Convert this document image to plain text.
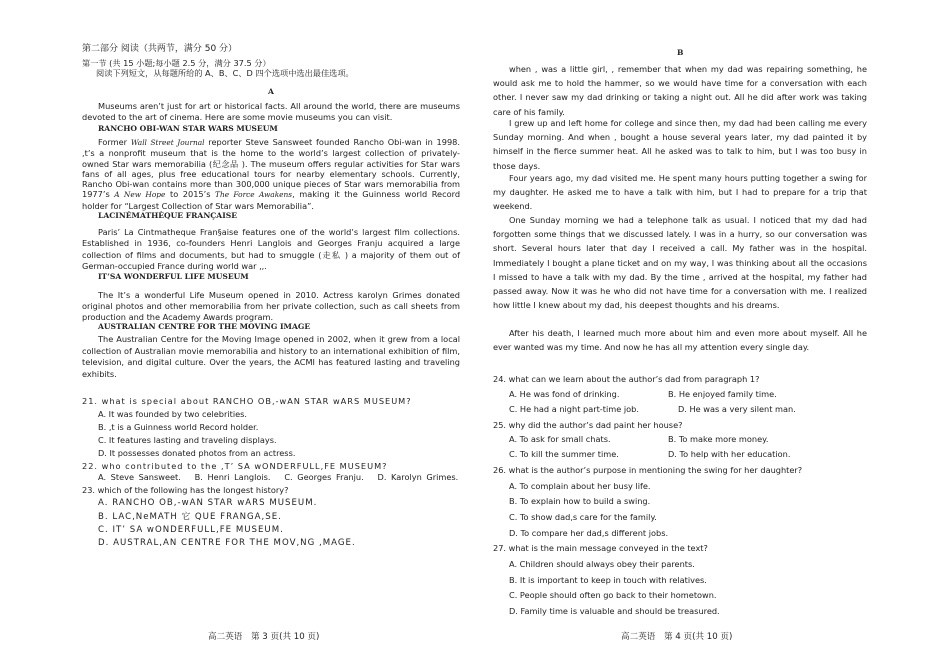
第二部分 阅读（共两节，满分 50 分）
第一节 (共 15 小题;每小题 2.5 分，满分 37.5 分）
阅读下列短文，从每题所给的 A、B、C、D 四个选项中选出最佳选项。
A
Museums aren’t just for art or historical facts. All around the world, there are museums devoted to the art of cinema. Here are some movie museums you can visit.
RANCHO OBI-WAN STAR WARS MUSEUM
Former Wall Street Journal reporter Steve Sansweet founded Rancho Obi-wan in 1998. ,t’s a nonprofit museum that is the home to the world’s largest collection of privately-owned Star wars memorabilia (纪念品 ). The museum offers regular activities for Star wars fans of all ages, plus free educational tours for nearby elementary schools. Currently, Rancho Obi-wan contains more than 300,000 unique pieces of Star wars memorabilia from 1977’s A New Hope to 2015’s The Force Awakens, making it the Guinness world Record holder for “Largest Collection of Star wars Memorabilia”．
LACINÉMATHÈQUE FRANÇAISE
Paris’ La Cintmatheque Fran§aise features one of the world’s largest film collections. Established in 1936, co-founders Henri Langlois and Georges Franju acquired a large collection of films and documents, but had to smuggle (走私 ) a majority of them out of German-occupied France during world war ,,.
IT’SA WONDERFUL LIFE MUSEUM
The It’s a wonderful Life Museum opened in 2010. Actress karolyn Grimes donated original photos and other memorabilia from her private collection, such as call sheets from production and the Academy Awards program.
AUSTRALIAN CENTRE FOR THE MOVING IMAGE
The Australian Centre for the Moving Image opened in 2002, when it grew from a local collection of Australian movie memorabilia and history to an international exhibition of film, television, and digital culture. Over the years, the ACMI has featured lasting and traveling exhibits.
21. what is special about RANCHO OB,-wAN STAR wARS MUSEUM?
A. It was founded by two celebrities.
B. ,t is a Guinness world Record holder.
C. It features lasting and traveling displays.
D. It possesses donated photos from an actress.
22. who contributed to the ,T’ SA wONDERFULL,FE MUSEUM?
A. Steve Sansweet. B. Henri Langlois. C. Georges Franju. D. Karolyn Grimes.
23. which of the following has the longest history?
A. RANCHO OB,-wAN STAR wARS MUSEUM.
B. LAC,NeMATH 它 QUE FRANGA,SE.
C. IT’ SA wONDERFULL,FE MUSEUM.
D. AUSTRAL,AN CENTRE FOR THE MOV,NG ,MAGE.
高二英语　第 3 页(共 10 页)
B
when , was a little girl, , remember that when my dad was repairing something, he would ask me to hold the hammer, so we would have time for a conversation with each other. I never saw my dad drinking or taking a night out. All he did after work was taking care of his family.
I grew up and left home for college and since then, my dad had been calling me every Sunday morning. And when , bought a house several years later, my dad painted it by himself in the fierce summer heat. All he asked was to talk to him, but I was too busy in those days.
Four years ago, my dad visited me. He spent many hours putting together a swing for my daughter. He asked me to have a talk with him, but I had to prepare for a trip that weekend.
One Sunday morning we had a telephone talk as usual. I noticed that my dad had forgotten some things that we discussed lately. I was in a hurry, so our conversation was short. Several hours later that day I received a call. My father was in the hospital. Immediately I bought a plane ticket and on my way, I was thinking about all the occasions I missed to have a talk with my dad. By the time , arrived at the hospital, my father had passed away. Now it was he who did not have time for a conversation with me. I realized how little I knew about my dad, his deepest thoughts and his dreams.
After his death, I learned much more about him and even more about myself. All he ever wanted was my time. And now he has all my attention every single day.
24. what can we learn about the author’s dad from paragraph 1?
A. He was fond of drinking.	B. He enjoyed family time.
C. He had a night part-time job.	D. He was a very silent man.
25. why did the author’s dad paint her house?
A. To ask for small chats.	B. To make more money.
C. To kill the summer time.	D. To help with her education.
26. what is the author’s purpose in mentioning the swing for her daughter?
A. To complain about her busy life.
B. To explain how to build a swing.
C. To show dad,s care for the family.
D. To compare her dad,s different jobs.
27. what is the main message conveyed in the text?
A. Children should always obey their parents.
B. It is important to keep in touch with relatives.
C. People should often go back to their hometown.
D. Family time is valuable and should be treasured.
高二英语　第 4 页(共 10 页)
